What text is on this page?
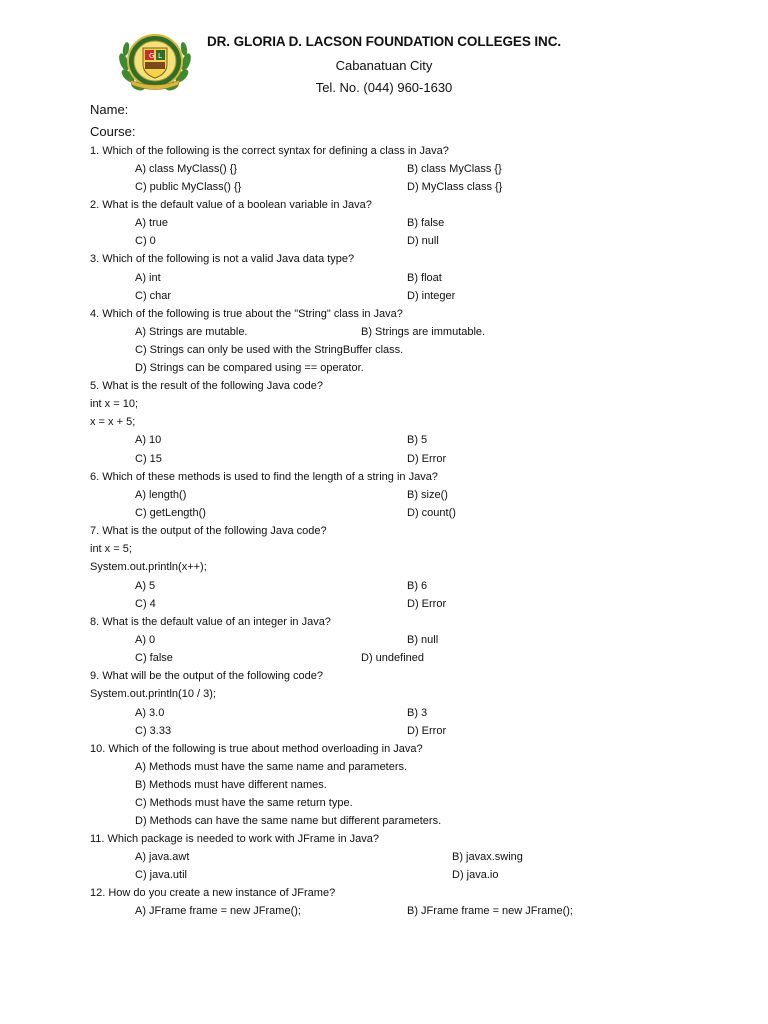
G L
DR. GLORIA D. LACSON FOUNDATION COLLEGES INC.
Cabanatuan City
Tel. No. (044) 960-1630
Name:
Course:
1. Which of the following is the correct syntax for defining a class in Java?
A) class MyClass() {}	B) class MyClass {}
C) public MyClass() {}	D) MyClass class {}
2. What is the default value of a boolean variable in Java?
A) true	B) false
C) 0	D) null
3. Which of the following is not a valid Java data type?
A) int	B) float
C) char	D) integer
4. Which of the following is true about the "String" class in Java?
A) Strings are mutable.	B) Strings are immutable.
C) Strings can only be used with the StringBuffer class.
D) Strings can be compared using == operator.
5. What is the result of the following Java code?
int x = 10;
x = x + 5;
A) 10	B) 5
C) 15	D) Error
6. Which of these methods is used to find the length of a string in Java?
A) length()	B) size()
C) getLength()	D) count()
7. What is the output of the following Java code?
int x = 5;
System.out.println(x++);
A) 5	B) 6
C) 4	D) Error
8. What is the default value of an integer in Java?
A) 0	B) null
C) false	D) undefined
9. What will be the output of the following code?
System.out.println(10 / 3);
A) 3.0	B) 3
C) 3.33	D) Error
10. Which of the following is true about method overloading in Java?
A) Methods must have the same name and parameters.
B) Methods must have different names.
C) Methods must have the same return type.
D) Methods can have the same name but different parameters.
11. Which package is needed to work with JFrame in Java?
A) java.awt	B) javax.swing
C) java.util	D) java.io
12. How do you create a new instance of JFrame?
A) JFrame frame = new JFrame();	B) JFrame frame = new JFrame();
